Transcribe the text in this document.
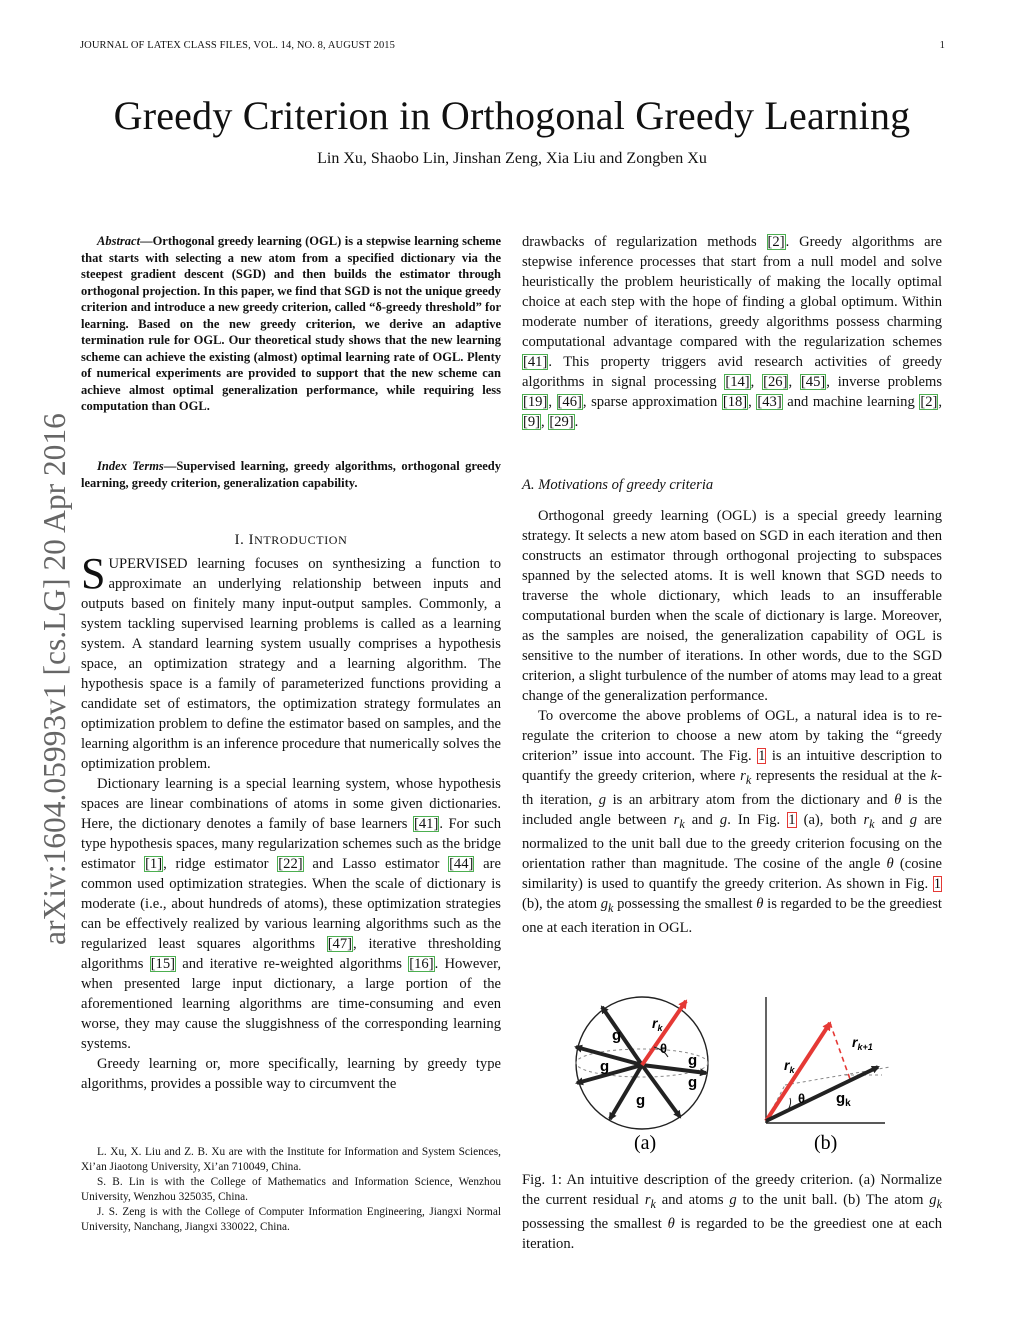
JOURNAL OF LATEX CLASS FILES, VOL. 14, NO. 8, AUGUST 2015	1
arXiv:1604.05993v1 [cs.LG] 20 Apr 2016
Greedy Criterion in Orthogonal Greedy Learning
Lin Xu, Shaobo Lin, Jinshan Zeng, Xia Liu and Zongben Xu
Abstract—Orthogonal greedy learning (OGL) is a stepwise learning scheme that starts with selecting a new atom from a specified dictionary via the steepest gradient descent (SGD) and then builds the estimator through orthogonal projection. In this paper, we find that SGD is not the unique greedy criterion and introduce a new greedy criterion, called “δ-greedy threshold” for learning. Based on the new greedy criterion, we derive an adaptive termination rule for OGL. Our theoretical study shows that the new learning scheme can achieve the existing (almost) optimal learning rate of OGL. Plenty of numerical experiments are provided to support that the new scheme can achieve almost optimal generalization performance, while requiring less computation than OGL.
Index Terms—Supervised learning, greedy algorithms, orthogonal greedy learning, greedy criterion, generalization capability.
I. INTRODUCTION

SUPERVISED learning focuses on synthesizing a function to approximate an underlying relationship between inputs and outputs based on finitely many input-output samples. Commonly, a system tackling supervised learning problems is called as a learning system. A standard learning system usually comprises a hypothesis space, an optimization strategy and a learning algorithm. The hypothesis space is a family of parameterized functions providing a candidate set of estimators, the optimization strategy formulates an optimization problem to define the estimator based on samples, and the learning algorithm is an inference procedure that numerically solves the optimization problem.

Dictionary learning is a special learning system, whose hypothesis spaces are linear combinations of atoms in some given dictionaries. Here, the dictionary denotes a family of base learners [41]. For such type hypothesis spaces, many regularization schemes such as the bridge estimator [1], ridge estimator [22] and Lasso estimator [44] are common used optimization strategies. When the scale of dictionary is moderate (i.e., about hundreds of atoms), these optimization strategies can be effectively realized by various learning algorithms such as the regularized least squares algorithms [47], iterative thresholding algorithms [15] and iterative re-weighted algorithms [16]. However, when presented large input dictionary, a large portion of the aforementioned learning algorithms are time-consuming and even worse, they may cause the sluggishness of the corresponding learning systems.

Greedy learning or, more specifically, learning by greedy type algorithms, provides a possible way to circumvent the

L. Xu, X. Liu and Z. B. Xu are with the Institute for Information and System Sciences, Xi’an Jiaotong University, Xi’an 710049, China.

S. B. Lin is with the College of Mathematics and Information Science, Wenzhou University, Wenzhou 325035, China.

J. S. Zeng is with the College of Computer Information Engineering, Jiangxi Normal University, Nanchang, Jiangxi 330022, China.

drawbacks of regularization methods [2]. Greedy algorithms are stepwise inference processes that start from a null model and solve heuristically the problem heuristically of making the locally optimal choice at each step with the hope of finding a global optimum. Within moderate number of iterations, greedy algorithms possess charming computational advantage compared with the regularization schemes [41]. This property triggers avid research activities of greedy algorithms in signal processing [14], [26], [45], inverse problems [19], [46], sparse approximation [18], [43] and machine learning [2], [9], [29].

A. Motivations of greedy criteria

Orthogonal greedy learning (OGL) is a special greedy learning strategy. It selects a new atom based on SGD in each iteration and then constructs an estimator through orthogonal projecting to subspaces spanned by the selected atoms. It is well known that SGD needs to traverse the whole dictionary, which leads to an insufferable computational burden when the scale of dictionary is large. Moreover, as the samples are noised, the generalization capability of OGL is sensitive to the number of iterations. In other words, due to the SGD criterion, a slight turbulence of the number of atoms may lead to a great change of the generalization performance.

To overcome the above problems of OGL, a natural idea is to re-regulate the criterion to choose a new atom by taking the “greedy criterion” issue into account. The Fig. 1 is an intuitive description to quantify the greedy criterion, where $r_k$ represents the residual at the k-th iteration, g is an arbitrary atom from the dictionary and θ is the included angle between $r_k$ and g. In Fig. 1 (a), both $r_k$ and g are normalized to the unit ball due to the greedy criterion focusing on the orientation rather than magnitude. The cosine of the angle θ (cosine similarity) is used to quantify the greedy criterion. As shown in Fig. 1 (b), the atom $g_k$ possessing the smallest θ is regarded to be the greediest one at each iteration in OGL.

g
g
g
g
g
$r_k$
θ
(a)
$r_k$
$r_{k+1}$
θ $g_k$
(b)
Fig. 1: An intuitive description of the greedy criterion. (a) Normalize the current residual $r_k$ and atoms g to the unit ball. (b) The atom $g_k$ possessing the smallest θ is regarded to be the greediest one at each iteration.
